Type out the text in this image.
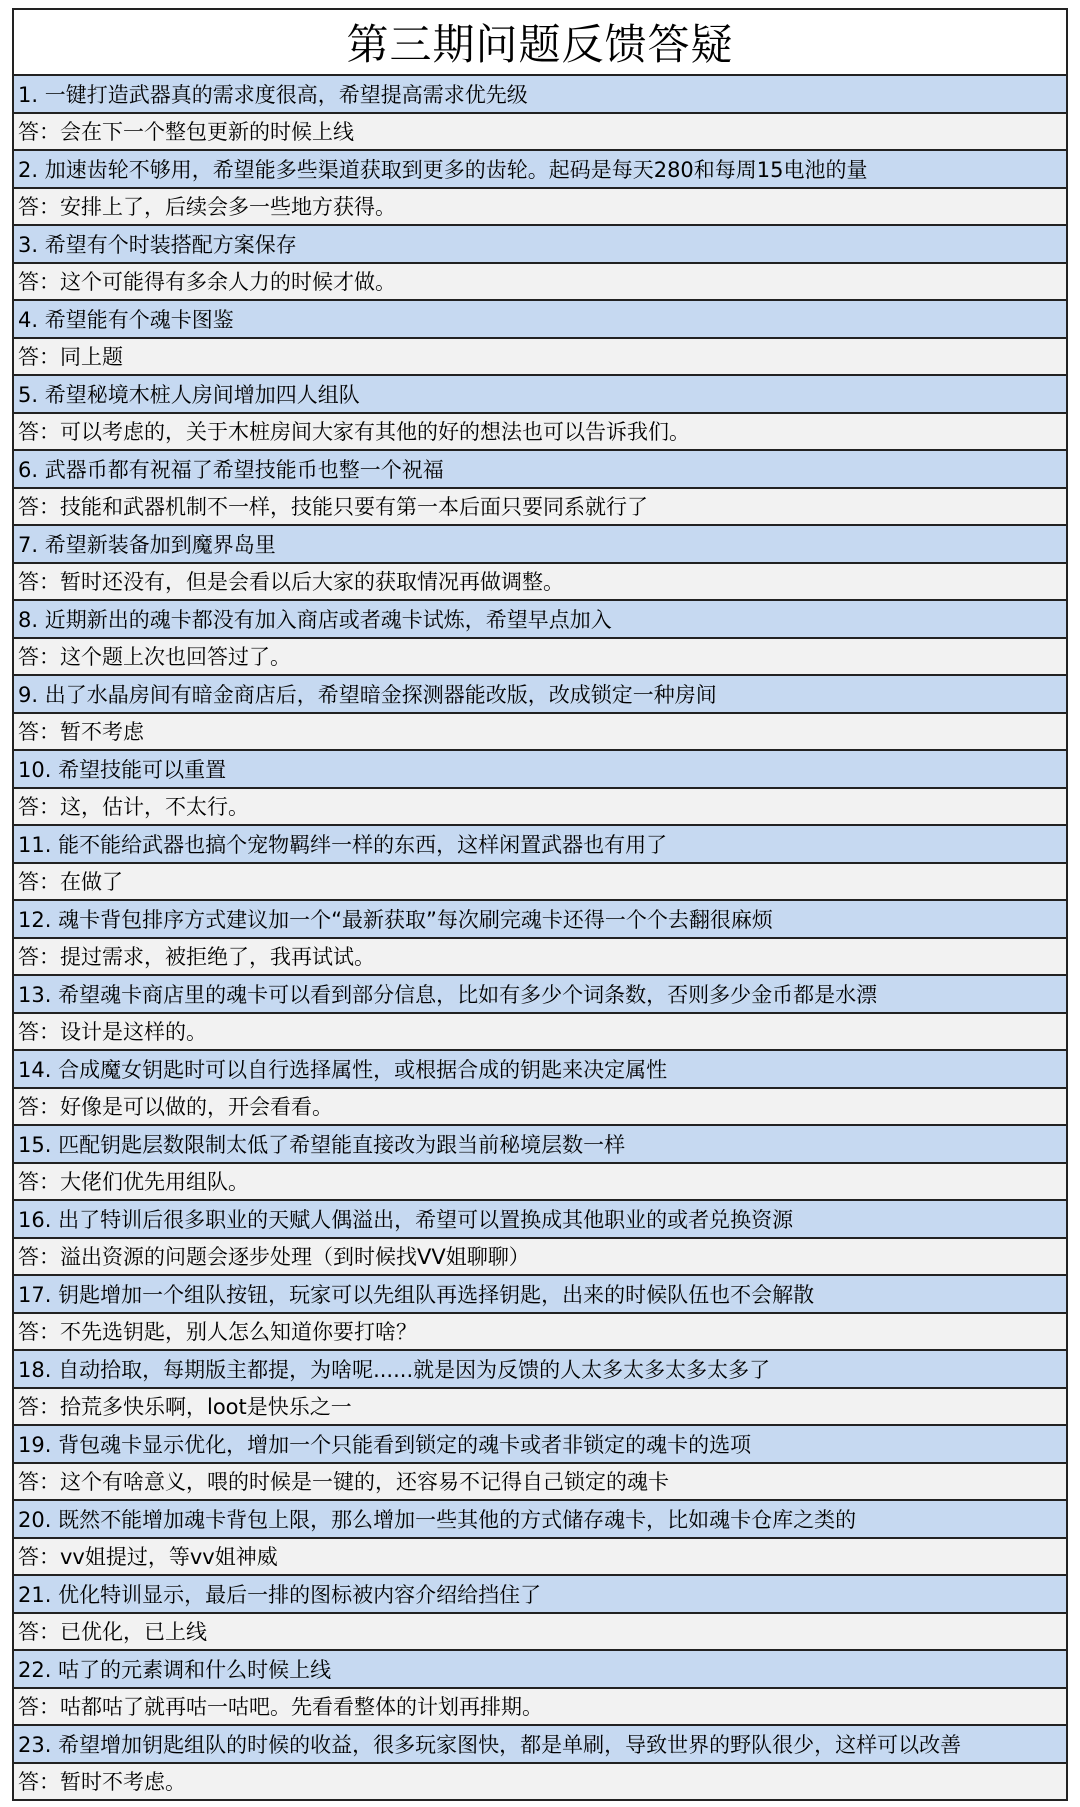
第三期问题反馈答疑
1. 一键打造武器真的需求度很高，希望提高需求优先级
答：会在下一个整包更新的时候上线
2. 加速齿轮不够用，希望能多些渠道获取到更多的齿轮。起码是每天280和每周15电池的量
答：安排上了，后续会多一些地方获得。
3. 希望有个时装搭配方案保存
答：这个可能得有多余人力的时候才做。
4. 希望能有个魂卡图鉴
答：同上题
5. 希望秘境木桩人房间增加四人组队
答：可以考虑的，关于木桩房间大家有其他的好的想法也可以告诉我们。
6. 武器币都有祝福了希望技能币也整一个祝福
答：技能和武器机制不一样，技能只要有第一本后面只要同系就行了
7. 希望新装备加到魔界岛里
答：暂时还没有，但是会看以后大家的获取情况再做调整。
8. 近期新出的魂卡都没有加入商店或者魂卡试炼，希望早点加入
答：这个题上次也回答过了。
9. 出了水晶房间有暗金商店后，希望暗金探测器能改版，改成锁定一种房间
答：暂不考虑
10. 希望技能可以重置
答：这，估计，不太行。
11. 能不能给武器也搞个宠物羁绊一样的东西，这样闲置武器也有用了
答：在做了
12. 魂卡背包排序方式建议加一个“最新获取”每次刷完魂卡还得一个个去翻很麻烦
答：提过需求，被拒绝了，我再试试。
13. 希望魂卡商店里的魂卡可以看到部分信息，比如有多少个词条数，否则多少金币都是水漂
答：设计是这样的。
14. 合成魔女钥匙时可以自行选择属性，或根据合成的钥匙来决定属性
答：好像是可以做的，开会看看。
15. 匹配钥匙层数限制太低了希望能直接改为跟当前秘境层数一样
答：大佬们优先用组队。
16. 出了特训后很多职业的天赋人偶溢出，希望可以置换成其他职业的或者兑换资源
答：溢出资源的问题会逐步处理（到时候找VV姐聊聊）
17. 钥匙增加一个组队按钮，玩家可以先组队再选择钥匙，出来的时候队伍也不会解散
答：不先选钥匙，别人怎么知道你要打啥？
18. 自动拾取，每期版主都提，为啥呢......就是因为反馈的人太多太多太多太多了
答：拾荒多快乐啊，loot是快乐之一
19. 背包魂卡显示优化，增加一个只能看到锁定的魂卡或者非锁定的魂卡的选项
答：这个有啥意义，喂的时候是一键的，还容易不记得自己锁定的魂卡
20. 既然不能增加魂卡背包上限，那么增加一些其他的方式储存魂卡，比如魂卡仓库之类的
答：vv姐提过，等vv姐神威
21. 优化特训显示，最后一排的图标被内容介绍给挡住了
答：已优化，已上线
22. 咕了的元素调和什么时候上线
答：咕都咕了就再咕一咕吧。先看看整体的计划再排期。
23. 希望增加钥匙组队的时候的收益，很多玩家图快，都是单刷，导致世界的野队很少，这样可以改善
答：暂时不考虑。
